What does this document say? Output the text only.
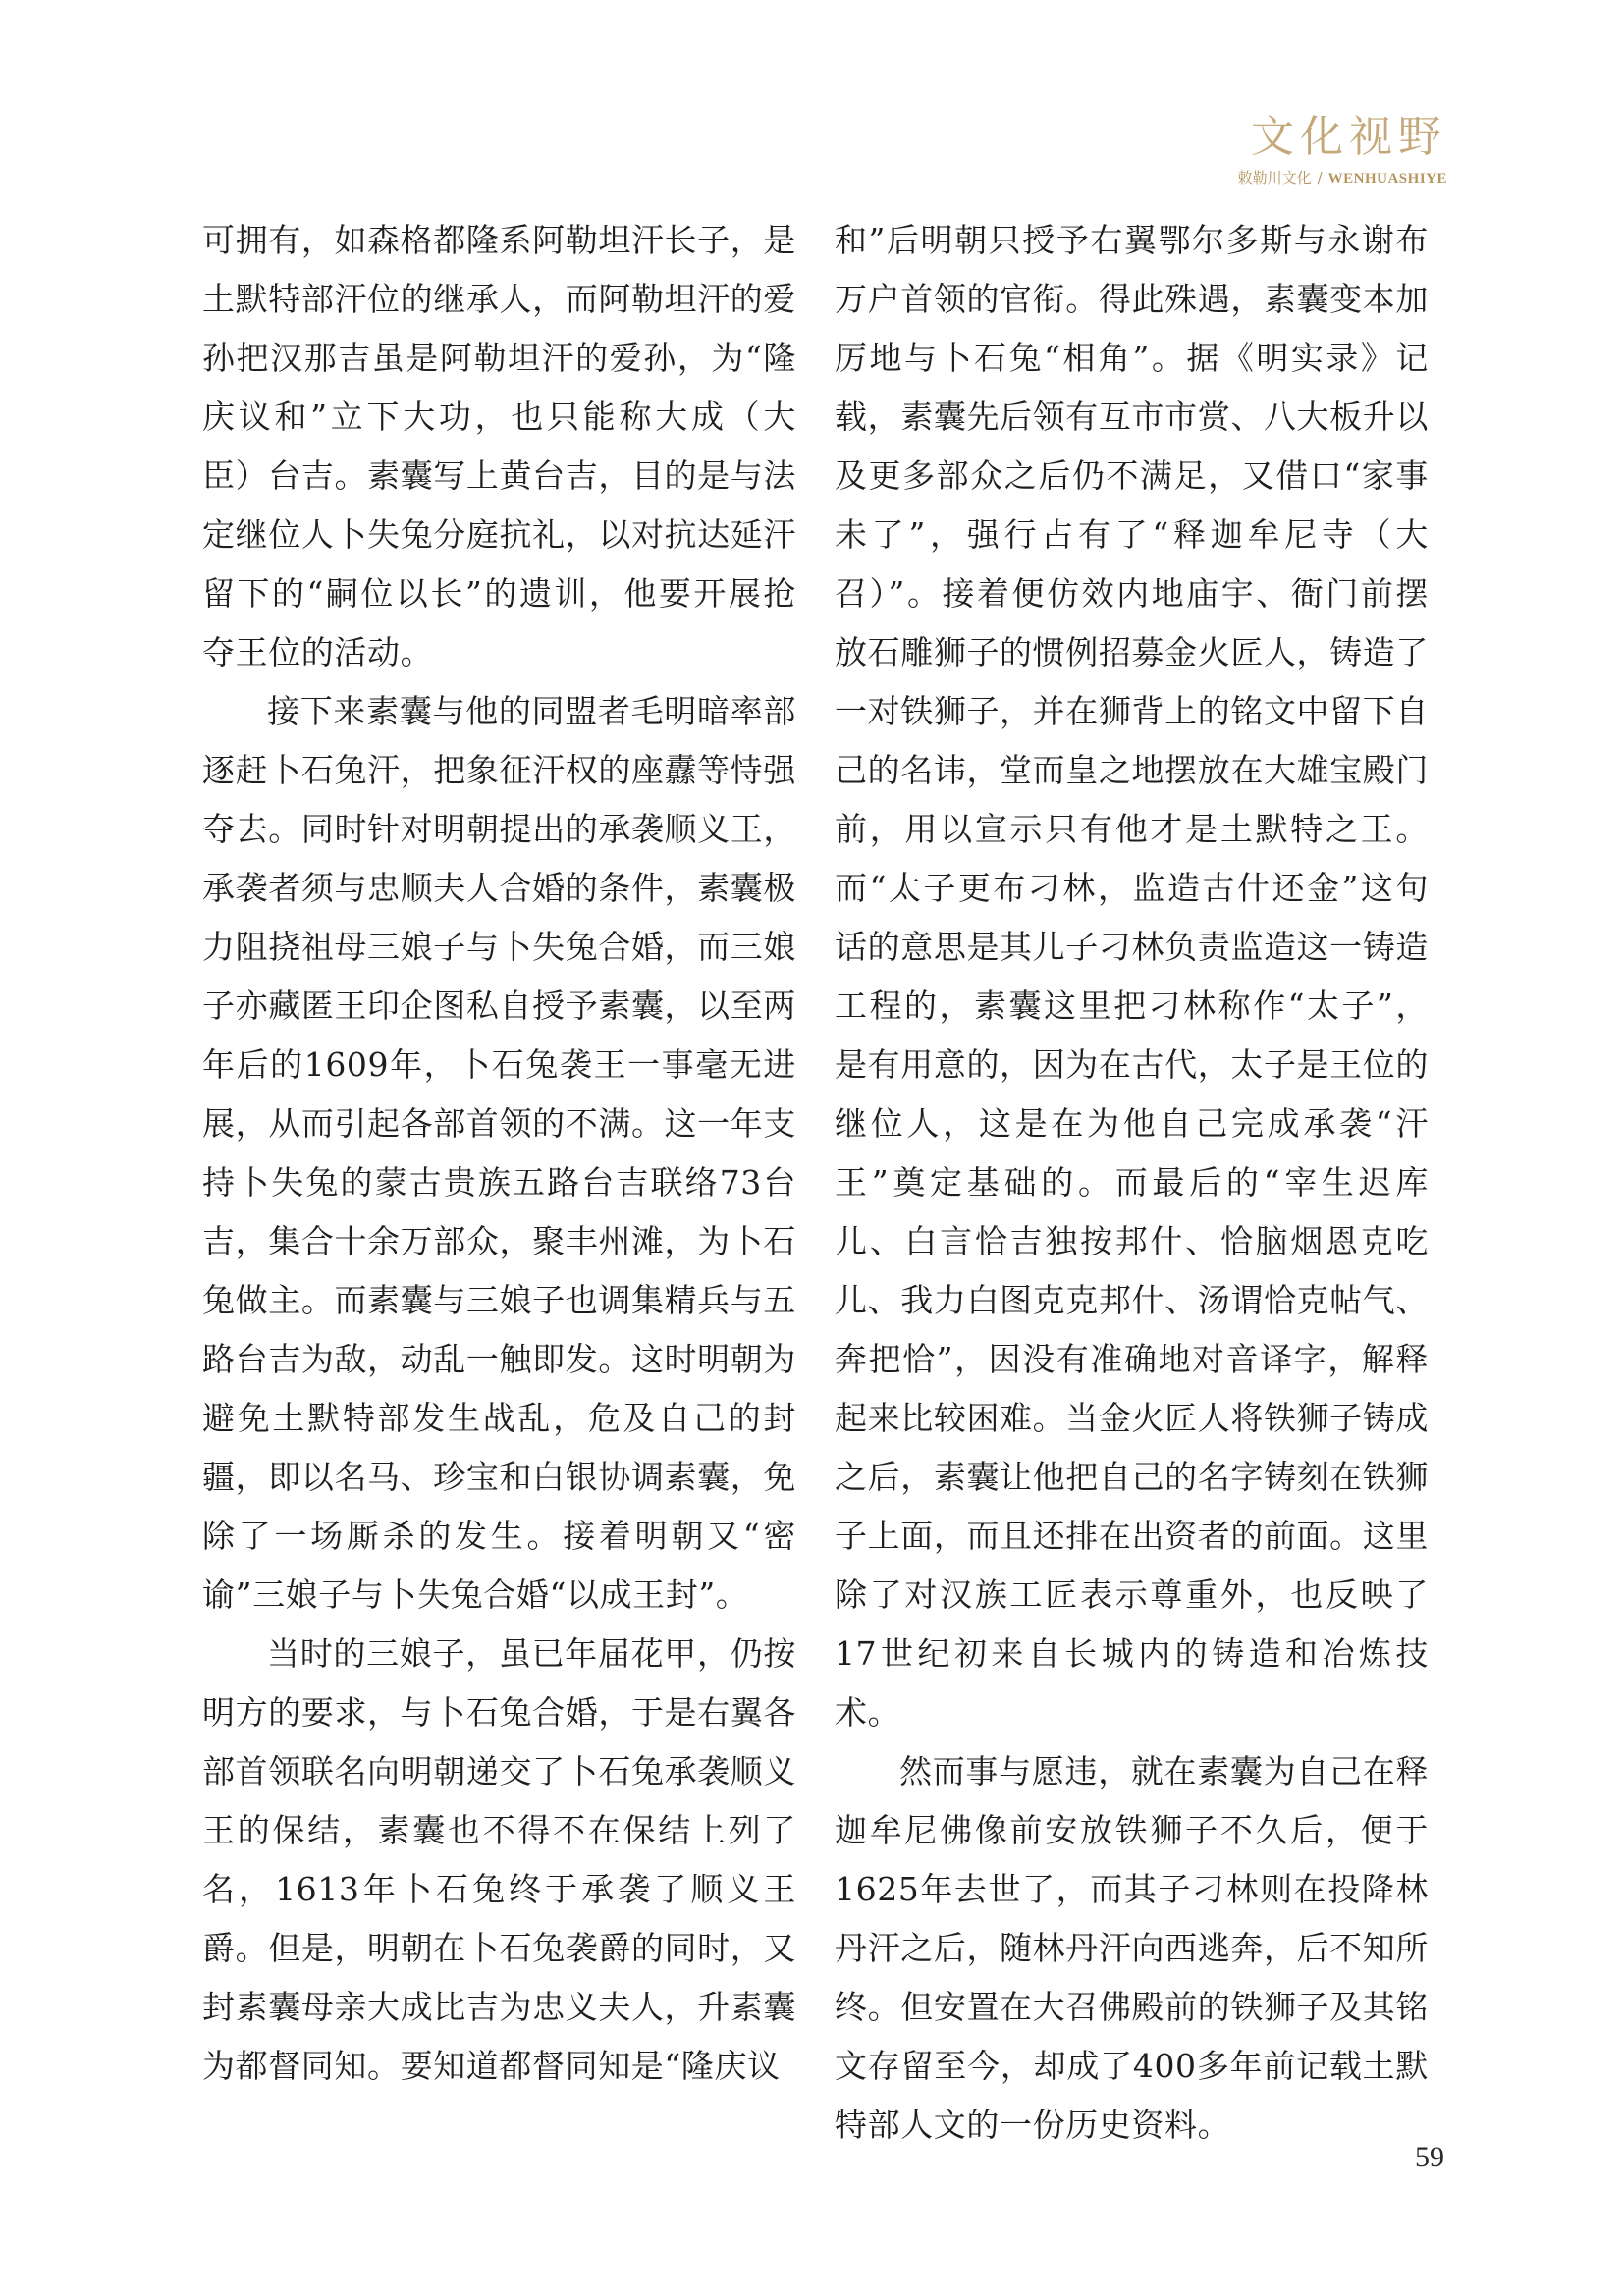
文化视野
敕勒川文化 / WENHUASHIYE

可拥有，如森格都隆系阿勒坦汗长子，是土默特部汗位的继承人，而阿勒坦汗的爱孙把汉那吉虽是阿勒坦汗的爱孙，为“隆庆议和”立下大功，也只能称大成（大臣）台吉。素囊写上黄台吉，目的是与法定继位人卜失兔分庭抗礼，以对抗达延汗留下的“嗣位以长”的遗训，他要开展抢夺王位的活动。

接下来素囊与他的同盟者毛明暗率部逐赶卜石兔汗，把象征汗权的座纛等恃强夺去。同时针对明朝提出的承袭顺义王，承袭者须与忠顺夫人合婚的条件，素囊极力阻挠祖母三娘子与卜失兔合婚，而三娘子亦藏匿王印企图私自授予素囊，以至两年后的1609年，卜石兔袭王一事毫无进展，从而引起各部首领的不满。这一年支持卜失兔的蒙古贵族五路台吉联络73台吉，集合十余万部众，聚丰州滩，为卜石兔做主。而素囊与三娘子也调集精兵与五路台吉为敌，动乱一触即发。这时明朝为避免土默特部发生战乱，危及自己的封疆，即以名马、珍宝和白银协调素囊，免除了一场厮杀的发生。接着明朝又“密谕”三娘子与卜失兔合婚“以成王封”。

当时的三娘子，虽已年届花甲，仍按明方的要求，与卜石兔合婚，于是右翼各部首领联名向明朝递交了卜石兔承袭顺义王的保结，素囊也不得不在保结上列了名，1613年卜石兔终于承袭了顺义王爵。但是，明朝在卜石兔袭爵的同时，又封素囊母亲大成比吉为忠义夫人，升素囊为都督同知。要知道都督同知是“隆庆议

和”后明朝只授予右翼鄂尔多斯与永谢布万户首领的官衔。得此殊遇，素囊变本加厉地与卜石兔“相角”。据《明实录》记载，素囊先后领有互市市赏、八大板升以及更多部众之后仍不满足，又借口“家事未了”，强行占有了“释迦牟尼寺（大召）”。接着便仿效内地庙宇、衙门前摆放石雕狮子的惯例招募金火匠人，铸造了一对铁狮子，并在狮背上的铭文中留下自己的名讳，堂而皇之地摆放在大雄宝殿门前，用以宣示只有他才是土默特之王。而“太子更布刁林，监造古什还金”这句话的意思是其儿子刁林负责监造这一铸造工程的，素囊这里把刁林称作“太子”，是有用意的，因为在古代，太子是王位的继位人，这是在为他自己完成承袭“汗王”奠定基础的。而最后的“宰生迟库儿、白言恰吉独按邦什、恰脑烟恩克吃儿、我力白图克克邦什、汤谓恰克帖气、奔把恰”，因没有准确地对音译字，解释起来比较困难。当金火匠人将铁狮子铸成之后，素囊让他把自己的名字铸刻在铁狮子上面，而且还排在出资者的前面。这里除了对汉族工匠表示尊重外，也反映了17世纪初来自长城内的铸造和冶炼技术。

然而事与愿违，就在素囊为自己在释迦牟尼佛像前安放铁狮子不久后，便于1625年去世了，而其子刁林则在投降林丹汗之后，随林丹汗向西逃奔，后不知所终。但安置在大召佛殿前的铁狮子及其铭文存留至今，却成了400多年前记载土默特部人文的一份历史资料。

59
